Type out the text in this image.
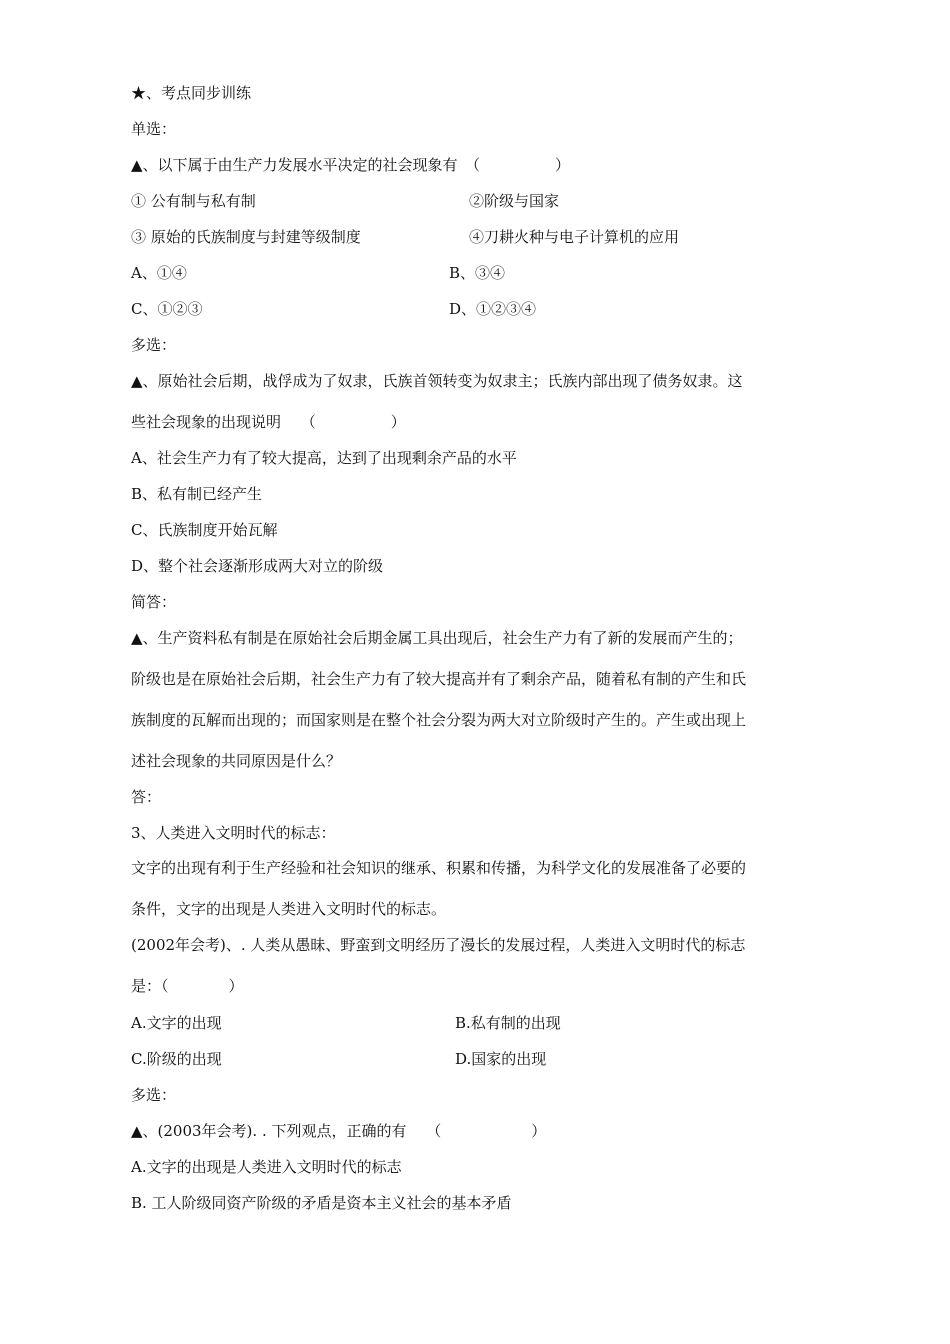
★、考点同步训练
单选：
▲、以下属于由生产力发展水平决定的社会现象有　（　　　　　）
① 公有制与私有制	②阶级与国家
③ 原始的氏族制度与封建等级制度	④刀耕火种与电子计算机的应用
A、①④	B、③④
C、①②③	D、①②③④
多选：
▲、原始社会后期，战俘成为了奴隶，氏族首领转变为奴隶主；氏族内部出现了债务奴隶。这
些社会现象的出现说明　 （　　　　　）
A、社会生产力有了较大提高，达到了出现剩余产品的水平
B、私有制已经产生
C、氏族制度开始瓦解
D、整个社会逐渐形成两大对立的阶级
简答：
▲、生产资料私有制是在原始社会后期金属工具出现后，社会生产力有了新的发展而产生的；
阶级也是在原始社会后期，社会生产力有了较大提高并有了剩余产品，随着私有制的产生和氏
族制度的瓦解而出现的；而国家则是在整个社会分裂为两大对立阶级时产生的。产生或出现上
述社会现象的共同原因是什么？
答：
3、人类进入文明时代的标志：
文字的出现有利于生产经验和社会知识的继承、积累和传播，为科学文化的发展准备了必要的
条件，文字的出现是人类进入文明时代的标志。
(2002年会考)、. 人类从愚昧、野蛮到文明经历了漫长的发展过程，人类进入文明时代的标志
是：（　　　　）
A.文字的出现	B.私有制的出现
C.阶级的出现	D.国家的出现
多选：
▲、(2003年会考). . 下列观点，正确的有　 （　　　　　　）
A.文字的出现是人类进入文明时代的标志
B. 工人阶级同资产阶级的矛盾是资本主义社会的基本矛盾
